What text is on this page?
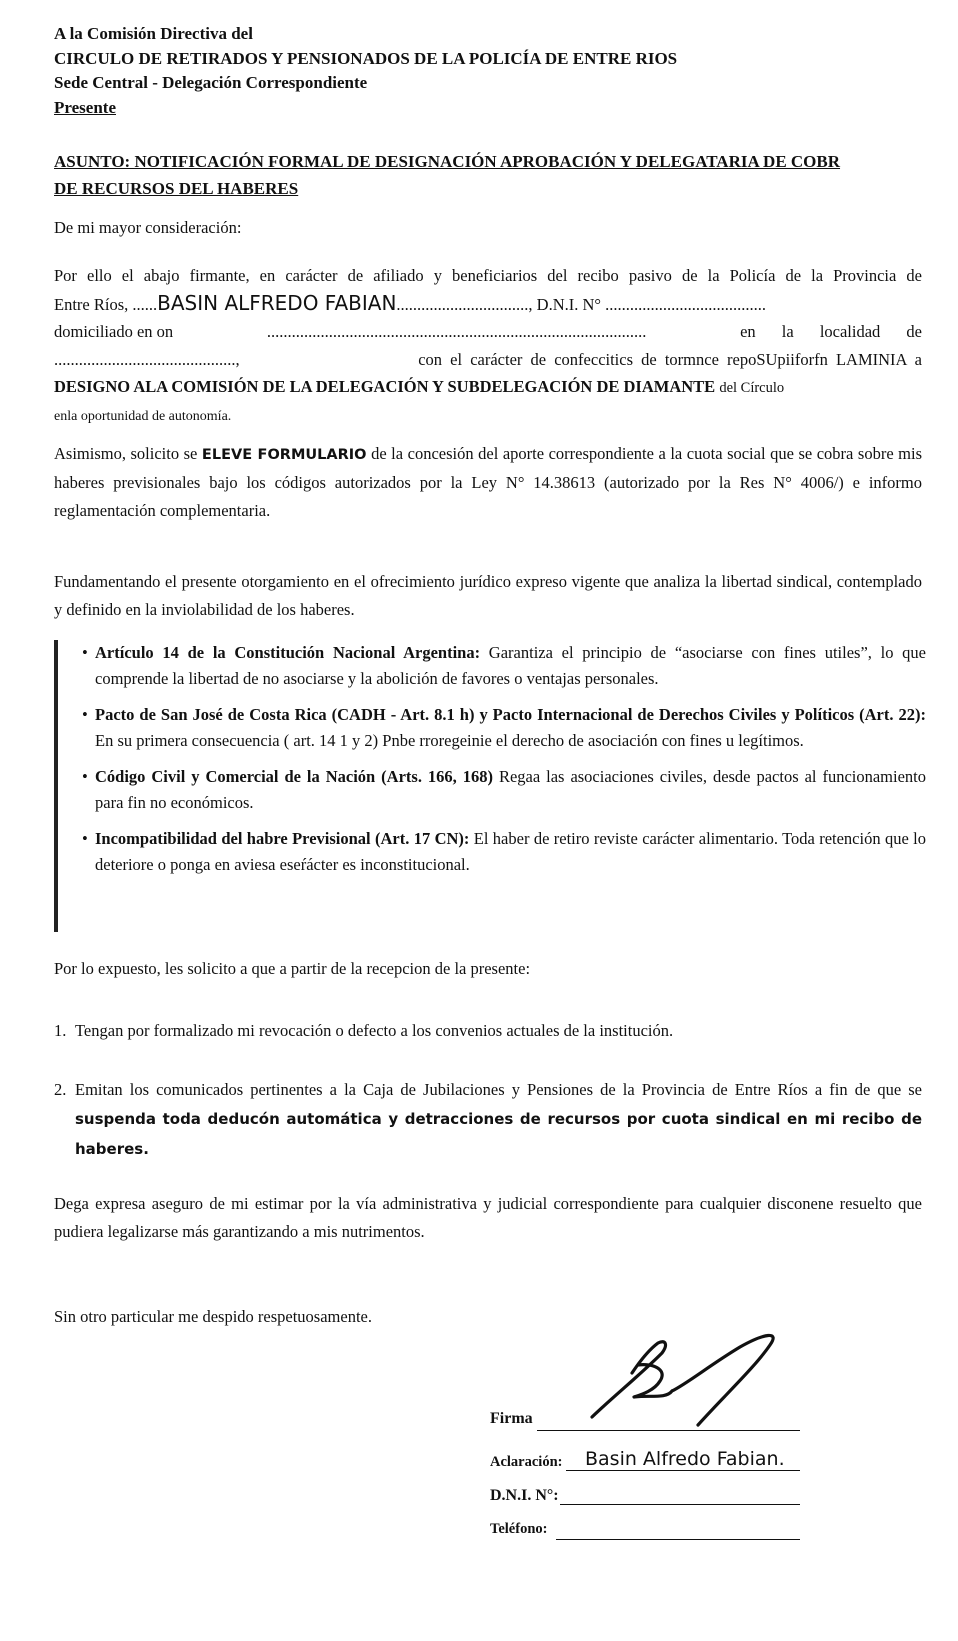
A la Comisión Directiva del
CIRCULO DE RETIRADOS Y PENSIONADOS DE LA POLICÍA DE ENTRE RIOS
Sede Central - Delegación Correspondiente
Presente
ASUNTO: NOTIFICACIÓN FORMAL DE DESIGNACIÓN APROBACIÓN Y DELEGATARIA DE COBR
DE RECURSOS DEL HABERES
De mi mayor consideración:
Por ello el abajo firmante, en carácter de afiliado y beneficiarios del recibo pasivo de la Policía de la Provincia de
Entre Ríos, ......BASIN ALFREDO FABIAN................................, D.N.I. N° .......................................
domiciliado en on	............................................................................................	en la localidad de
............................................,	con el carácter de confeccitics de tormnce repoSUpiiforfn LAMINIA a
DESIGNO ALA COMISIÓN DE LA DELEGACIÓN Y SUBDELEGACIÓN DE DIAMANTE del Círculo
enla oportunidad de autonomía.
Asimismo, solicito se ELEVE FORMULARIO de la concesión del aporte correspondiente a la cuota social que se cobra sobre mis haberes previsionales bajo los códigos autorizados por la Ley N° 14.38613 (autorizado por la Res N° 4006/) e informo reglamentación complementaria.
Fundamentando el presente otorgamiento en el ofrecimiento jurídico expreso vigente que analiza la libertad sindical, contemplado y definido en la inviolabilidad de los haberes.
• Artículo 14 de la Constitución Nacional Argentina: Garantiza el principio de “asociarse con fines utiles”, lo que comprende la libertad de no asociarse y la abolición de favores o ventajas personales.
• Pacto de San José de Costa Rica (CADH - Art. 8.1 h) y Pacto Internacional de Derechos Civiles y Políticos (Art. 22): En su primera consecuencia ( art. 14 1 y 2) Pnbe rroregeinie el derecho de asociación con fines u legítimos.
• Código Civil y Comercial de la Nación (Arts. 166, 168) Regaa las asociaciones civiles, desde pactos al funcionamiento para fin no económicos.
• Incompatibilidad del habre Previsional (Art. 17 CN): El haber de retiro reviste carácter alimentario. Toda retención que lo deteriore o ponga en aviesa eseŕácter es inconstitucional.
Por lo expuesto, les solicito a que a partir de la recepcion de la presente:
1. Tengan por formalizado mi revocación o defecto a los convenios actuales de la institución.
2. Emitan los comunicados pertinentes a la Caja de Jubilaciones y Pensiones de la Provincia de Entre Ríos a fin de que se suspenda toda deducón automática y detracciones de recursos por cuota sindical en mi recibo de haberes.
Dega expresa aseguro de mi estimar por la vía administrativa y judicial correspondiente para cualquier disconene resuelto que pudiera legalizarse más garantizando a mis nutrimentos.
Sin otro particular me despido respetuosamente.
Firma
Aclaración: Basin Alfredo Fabian.
D.N.I. N°:
Teléfono:
